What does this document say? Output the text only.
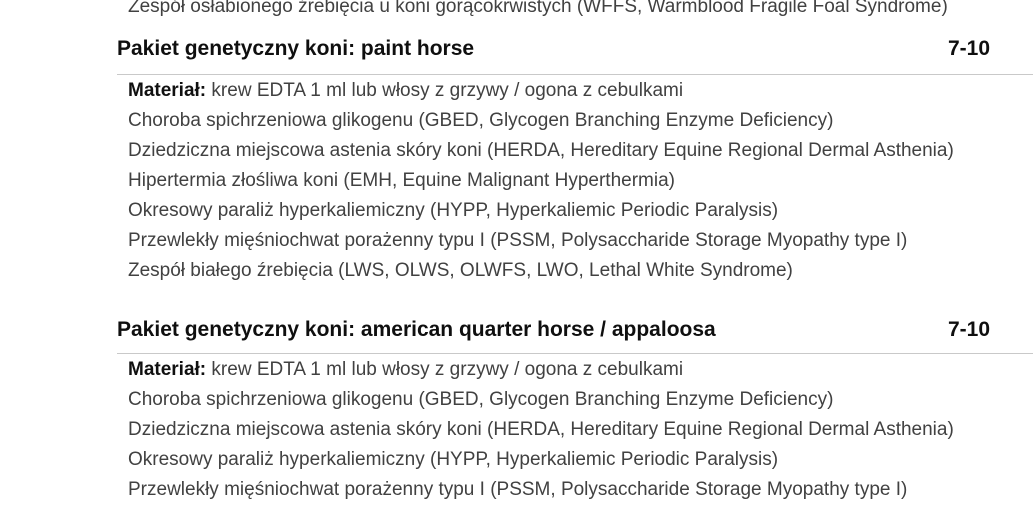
Zespół osłabionego źrebięcia u koni gorącokrwistych (WFFS, Warmblood Fragile Foal Syndrome)
Pakiet genetyczny koni: paint horse	7-10
Materiał: krew EDTA 1 ml lub włosy z grzywy / ogona z cebulkami
Choroba spichrzeniowa glikogenu (GBED, Glycogen Branching Enzyme Deficiency)
Dziedziczna miejscowa astenia skóry koni (HERDA, Hereditary Equine Regional Dermal Asthenia)
Hipertermia złośliwa koni (EMH, Equine Malignant Hyperthermia)
Okresowy paraliż hyperkaliemiczny (HYPP, Hyperkaliemic Periodic Paralysis)
Przewlekły mięśniochwat porażenny typu I (PSSM, Polysaccharide Storage Myopathy type I)
Zespół białego źrebięcia (LWS, OLWS, OLWFS, LWO, Lethal White Syndrome)
Pakiet genetyczny koni: american quarter horse / appaloosa	7-10
Materiał: krew EDTA 1 ml lub włosy z grzywy / ogona z cebulkami
Choroba spichrzeniowa glikogenu (GBED, Glycogen Branching Enzyme Deficiency)
Dziedziczna miejscowa astenia skóry koni (HERDA, Hereditary Equine Regional Dermal Asthenia)
Okresowy paraliż hyperkaliemiczny (HYPP, Hyperkaliemic Periodic Paralysis)
Przewlekły mięśniochwat porażenny typu I (PSSM, Polysaccharide Storage Myopathy type I)
